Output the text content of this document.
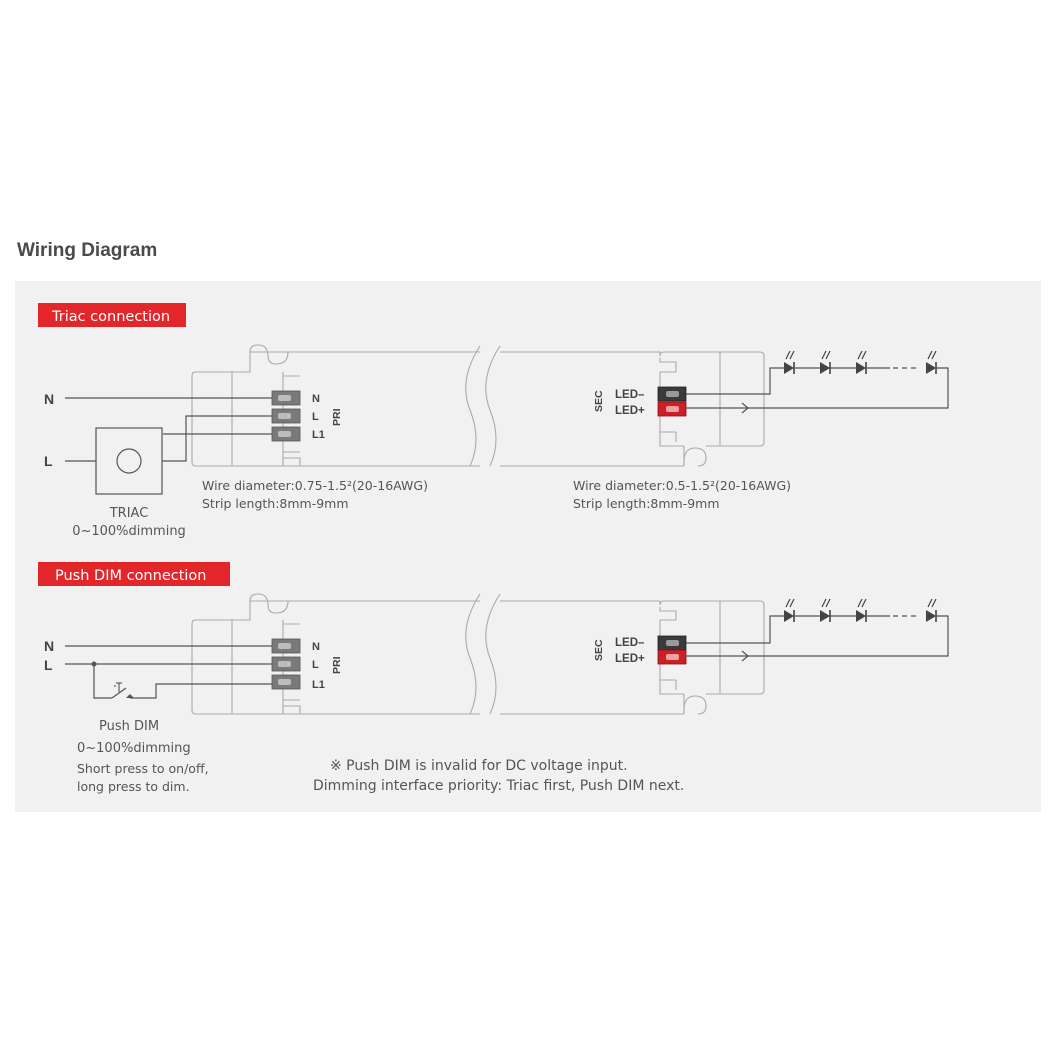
Wiring Diagram
Triac connection
N
L
TRIAC
0~100%dimming
N
L
L1
PRI
Wire diameter:0.75-1.5²(20-16AWG)
Strip length:8mm-9mm
SEC LED–
LED+
Wire diameter:0.5-1.5²(20-16AWG)
Strip length:8mm-9mm
Push DIM connection
N
L
Push DIM
0~100%dimming
Short press to on/off,
long press to dim.
N
L
L1
PRI
SEC LED–
LED+
※ Push DIM is invalid for DC voltage input.
Dimming interface priority: Triac first, Push DIM next.
